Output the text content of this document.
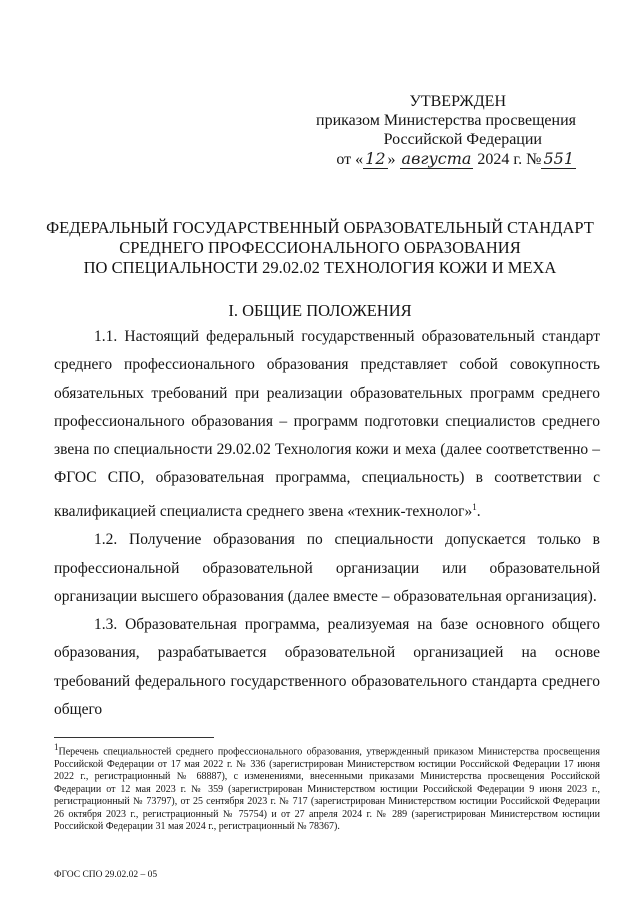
УТВЕРЖДЕН
приказом Министерства просвещения
Российской Федерации
от « 12 » августа 2024 г. № 551
ФЕДЕРАЛЬНЫЙ ГОСУДАРСТВЕННЫЙ ОБРАЗОВАТЕЛЬНЫЙ СТАНДАРТ
СРЕДНЕГО ПРОФЕССИОНАЛЬНОГО ОБРАЗОВАНИЯ
ПО СПЕЦИАЛЬНОСТИ 29.02.02 ТЕХНОЛОГИЯ КОЖИ И МЕХА
I. ОБЩИЕ ПОЛОЖЕНИЯ

1.1. Настоящий федеральный государственный образовательный стандарт среднего профессионального образования представляет собой совокупность обязательных требований при реализации образовательных программ среднего профессионального образования – программ подготовки специалистов среднего звена по специальности 29.02.02 Технология кожи и меха (далее соответственно – ФГОС СПО, образовательная программа, специальность) в соответствии с квалификацией специалиста среднего звена «техник-технолог»$^1$.

1.2. Получение образования по специальности допускается только в профессиональной образовательной организации или образовательной организации высшего образования (далее вместе – образовательная организация).

1.3. Образовательная программа, реализуемая на базе основного общего образования, разрабатывается образовательной организацией на основе требований федерального государственного образовательного стандарта среднего общего

$^1$Перечень специальностей среднего профессионального образования, утвержденный приказом Министерства просвещения Российской Федерации от 17 мая 2022 г. № 336 (зарегистрирован Министерством юстиции Российской Федерации 17 июня 2022 г., регистрационный № 68887), с изменениями, внесенными приказами Министерства просвещения Российской Федерации от 12 мая 2023 г. № 359 (зарегистрирован Министерством юстиции Российской Федерации 9 июня 2023 г., регистрационный № 73797), от 25 сентября 2023 г. № 717 (зарегистрирован Министерством юстиции Российской Федерации 26 октября 2023 г., регистрационный № 75754) и от 27 апреля 2024 г. № 289 (зарегистрирован Министерством юстиции Российской Федерации 31 мая 2024 г., регистрационный № 78367).
ФГОС СПО 29.02.02 – 05
